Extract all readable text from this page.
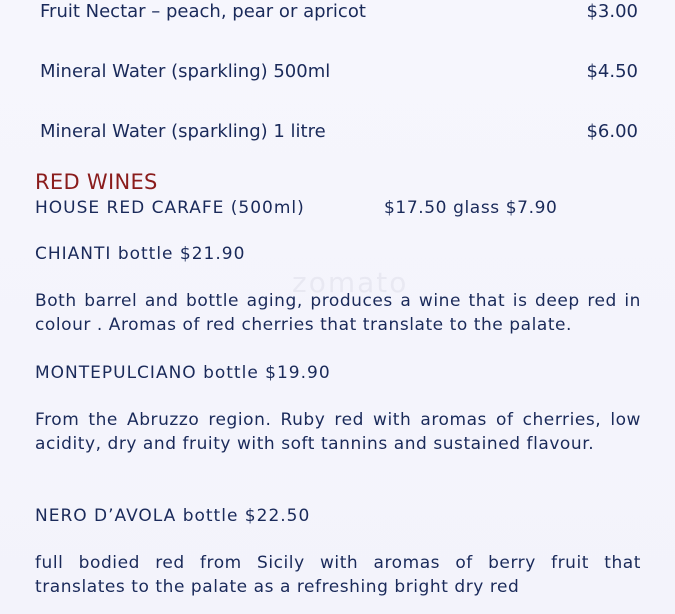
Fruit Nectar – peach, pear or apricot	$3.00
Mineral Water (sparkling) 500ml	$4.50
Mineral Water (sparkling) 1 litre	$6.00
RED WINES
HOUSE RED CARAFE (500ml)	$17.50 glass $7.90
CHIANTI bottle $21.90
Both barrel and bottle aging, produces a wine that is deep red in colour . Aromas of red cherries that translate to the palate.
MONTEPULCIANO bottle $19.90
From the Abruzzo region. Ruby red with aromas of cherries, low acidity, dry and fruity with soft tannins and sustained flavour.
NERO D’AVOLA bottle $22.50
full bodied red from Sicily with aromas of berry fruit that translates to the palate as a refreshing bright dry red
zomato
